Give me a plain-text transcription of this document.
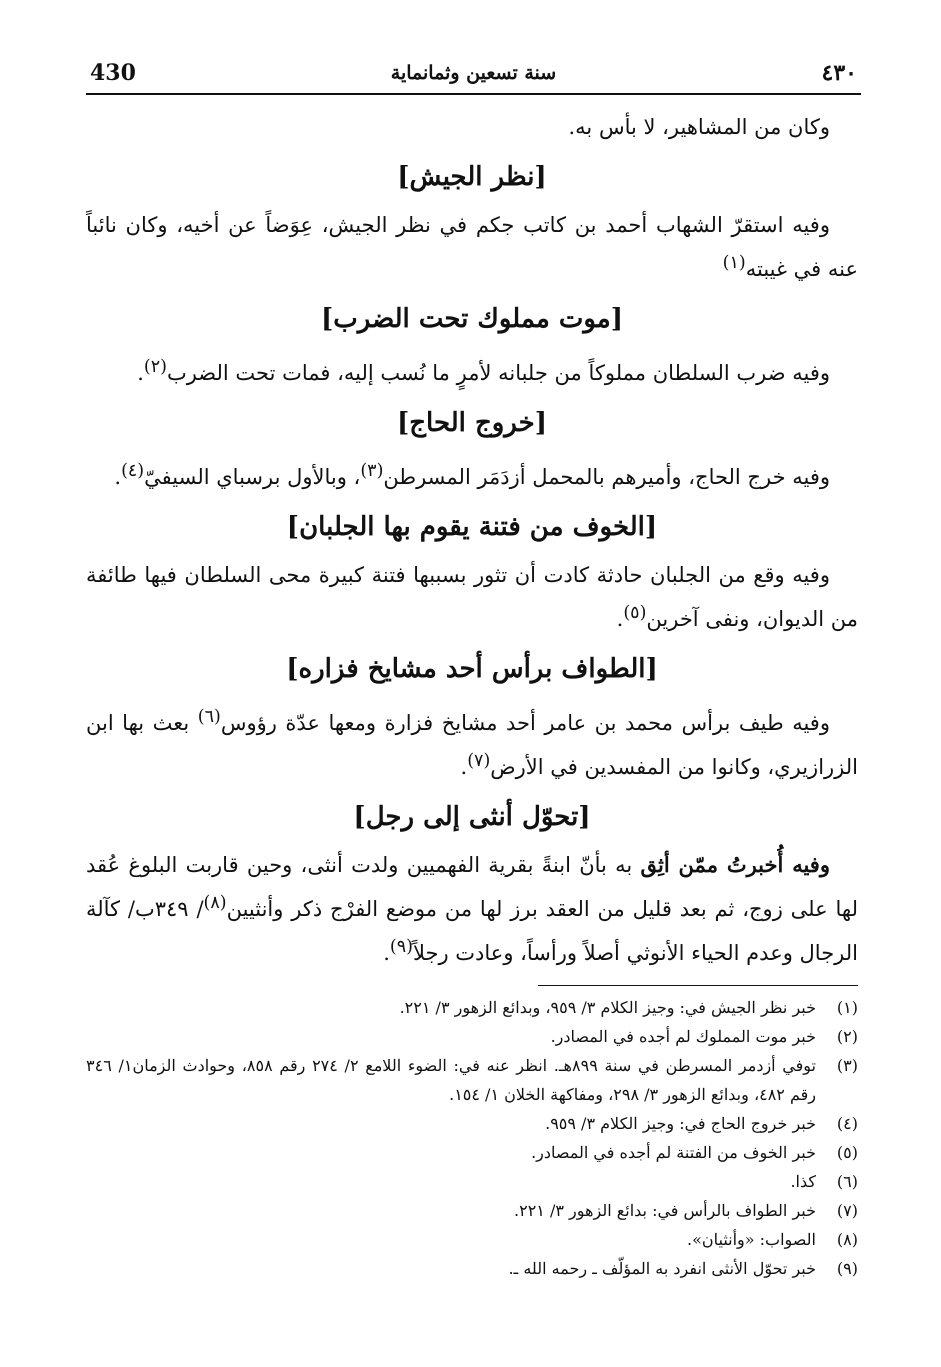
430	سنة تسعين وثمانماية	٤٣٠

وكان من المشاهير، لا بأس به.

[نظر الجيش]

وفيه استقرّ الشهاب أحمد بن كاتب جكم في نظر الجيش، عِوَضاً عن أخيه، وكان نائباً عنه في غيبته$^{(١)}$

[موت مملوك تحت الضرب]

وفيه ضرب السلطان مملوكاً من جلبانه لأمرٍ ما نُسب إليه، فمات تحت الضرب$^{(٢)}$.

[خروج الحاج]

وفيه خرج الحاج، وأميرهم بالمحمل أزدَمَر المسرطن$^{(٣)}$، وبالأول برسباي السيفيّ$^{(٤)}$.

[الخوف من فتنة يقوم بها الجلبان]

وفيه وقع من الجلبان حادثة كادت أن تثور بسببها فتنة كبيرة محى السلطان فيها طائفة من الديوان، ونفى آخرين$^{(٥)}$.

[الطواف برأس أحد مشايخ فزاره]

وفيه طيف برأس محمد بن عامر أحد مشايخ فزارة ومعها عدّة رؤوس$^{(٦)}$ بعث بها ابن الزرازيري، وكانوا من المفسدين في الأرض$^{(٧)}$.

[تحوّل أنثى إلى رجل]

وفيه أُخبرتُ ممّن أثِق به بأنّ ابنةً بقرية الفهميين ولدت أنثى، وحين قاربت البلوغ عُقد لها على زوج، ثم بعد قليل من العقد برز لها من موضع الفرْج ذكر وأنثيين$^{(٨)}$/ ٣٤٩ب/ كآلة الرجال وعدم الحياء الأنوثي أصلاً ورأساً، وعادت رجلاً$^{(٩)}$.

(١)
خبر نظر الجيش في: وجيز الكلام ٣/ ٩٥٩، وبدائع الزهور ٣/ ٢٢١.
(٢)
خبر موت المملوك لم أجده في المصادر.
(٣)
توفي أزدمر المسرطن في سنة ٨٩٩هـ. انظر عنه في: الضوء اللامع ٢/ ٢٧٤ رقم ٨٥٨، وحوادث الزمان١/ ٣٤٦ رقم ٤٨٢، وبدائع الزهور ٣/ ٢٩٨، ومفاكهة الخلان ١/ ١٥٤.
(٤)
خبر خروج الحاج في: وجيز الكلام ٣/ ٩٥٩.
(٥)
خبر الخوف من الفتنة لم أجده في المصادر.
(٦)
كذا.
(٧)
خبر الطواف بالرأس في: بدائع الزهور ٣/ ٢٢١.
(٨)
الصواب: «وأنثيان».
(٩)
خبر تحوّل الأنثى انفرد به المؤلّف ـ رحمه الله ـ.
